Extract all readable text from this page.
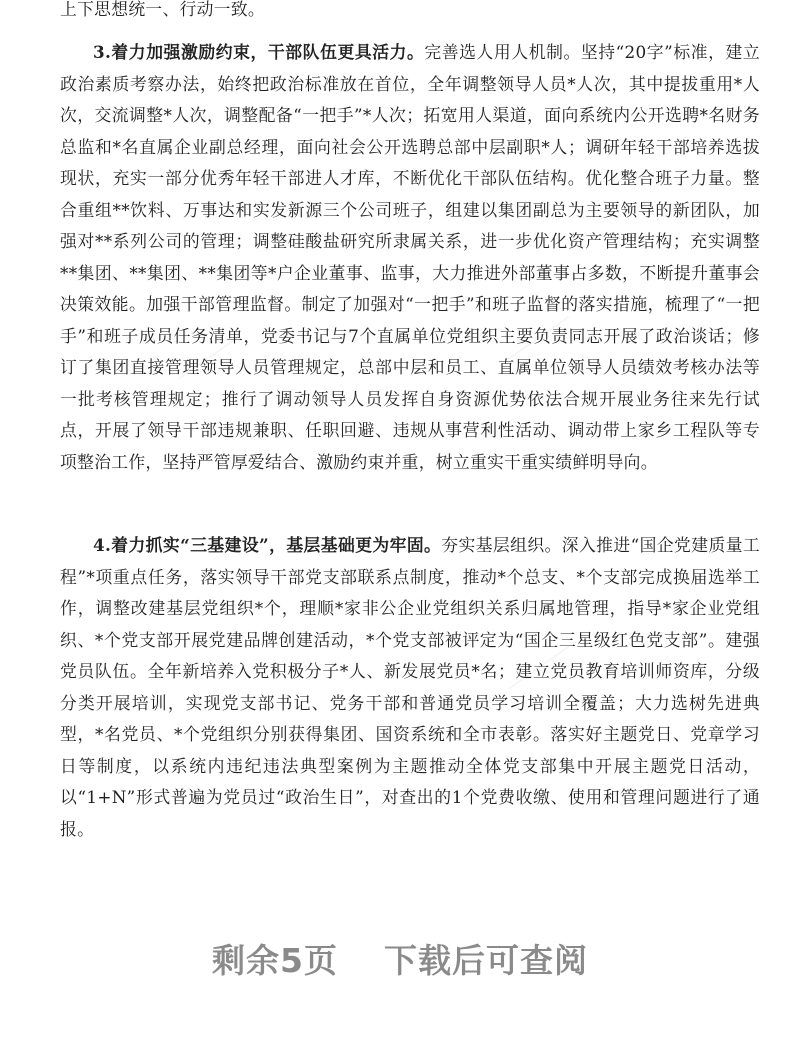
上下思想统一、行动一致。

3.着力加强激励约束，干部队伍更具活力。完善选人用人机制。坚持“20字”标准，建立政治素质考察办法，始终把政治标准放在首位，全年调整领导人员*人次，其中提拔重用*人次，交流调整*人次，调整配备“一把手”*人次；拓宽用人渠道，面向系统内公开选聘*名财务总监和*名直属企业副总经理，面向社会公开选聘总部中层副职*人；调研年轻干部培养选拔现状，充实一部分优秀年轻干部进人才库，不断优化干部队伍结构。优化整合班子力量。整合重组**饮料、万事达和实发新源三个公司班子，组建以集团副总为主要领导的新团队，加强对**系列公司的管理；调整硅酸盐研究所隶属关系，进一步优化资产管理结构；充实调整**集团、**集团、**集团等*户企业董事、监事，大力推进外部董事占多数，不断提升董事会决策效能。加强干部管理监督。制定了加强对“一把手”和班子监督的落实措施，梳理了“一把手”和班子成员任务清单，党委书记与7个直属单位党组织主要负责同志开展了政治谈话；修订了集团直接管理领导人员管理规定，总部中层和员工、直属单位领导人员绩效考核办法等一批考核管理规定；推行了调动领导人员发挥自身资源优势依法合规开展业务往来先行试点，开展了领导干部违规兼职、任职回避、违规从事营利性活动、调动带上家乡工程队等专项整治工作，坚持严管厚爱结合、激励约束并重，树立重实干重实绩鲜明导向。

4.着力抓实“三基建设”，基层基础更为牢固。夯实基层组织。深入推进“国企党建质量工程”*项重点任务，落实领导干部党支部联系点制度，推动*个总支、*个支部完成换届选举工作，调整改建基层党组织*个，理顺*家非公企业党组织关系归属地管理，指导*家企业党组织、*个党支部开展党建品牌创建活动，*个党支部被评定为“国企三星级红色党支部”。建强党员队伍。全年新培养入党积极分子*人、新发展党员*名；建立党员教育培训师资库，分级分类开展培训，实现党支部书记、党务干部和普通党员学习培训全覆盖；大力选树先进典型，*名党员、*个党组织分别获得集团、国资系统和全市表彰。落实好主题党日、党章学习日等制度，以系统内违纪违法典型案例为主题推动全体党支部集中开展主题党日活动，以“1+N”形式普遍为党员过“政治生日”，对查出的1个党费收缴、使用和管理问题进行了通报。

剩余5页 下载后可查阅
